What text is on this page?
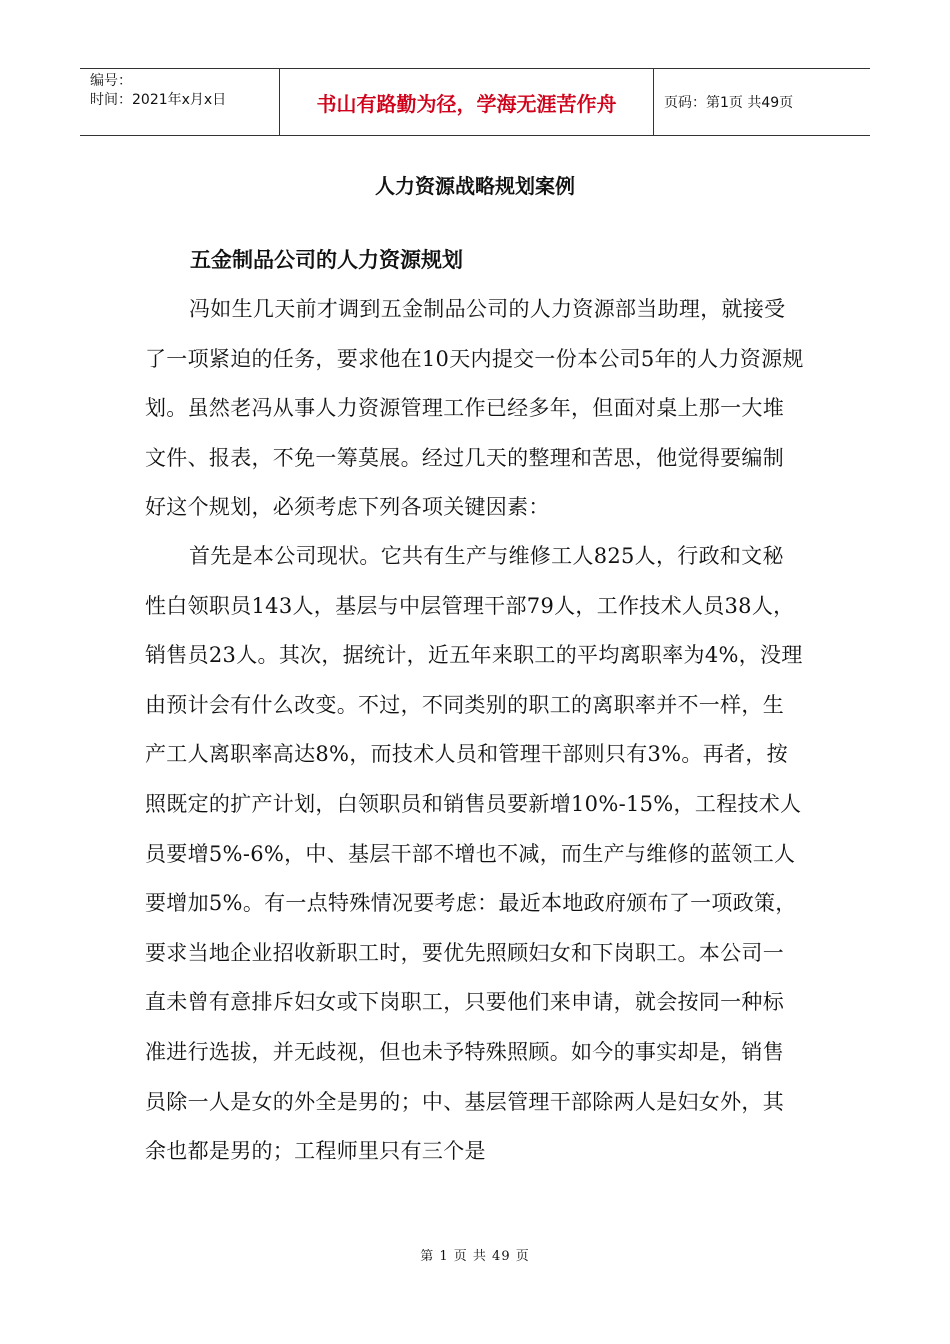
编号：
时间：2021年x月x日	书山有路勤为径，学海无涯苦作舟	页码：第1页 共49页
人力资源战略规划案例
五金制品公司的人力资源规划

冯如生几天前才调到五金制品公司的人力资源部当助理，就接受了一项紧迫的任务，要求他在10天内提交一份本公司5年的人力资源规划。虽然老冯从事人力资源管理工作已经多年，但面对桌上那一大堆文件、报表，不免一筹莫展。经过几天的整理和苦思，他觉得要编制好这个规划，必须考虑下列各项关键因素：

首先是本公司现状。它共有生产与维修工人825人，行政和文秘性白领职员143人，基层与中层管理干部79人，工作技术人员38人，销售员23人。其次，据统计，近五年来职工的平均离职率为4%，没理由预计会有什么改变。不过，不同类别的职工的离职率并不一样，生产工人离职率高达8%，而技术人员和管理干部则只有3%。再者，按照既定的扩产计划，白领职员和销售员要新增10%-15%，工程技术人员要增5%-6%，中、基层干部不增也不减，而生产与维修的蓝领工人要增加5%。有一点特殊情况要考虑：最近本地政府颁布了一项政策，要求当地企业招收新职工时，要优先照顾妇女和下岗职工。本公司一直未曾有意排斥妇女或下岗职工，只要他们来申请，就会按同一种标准进行选拔，并无歧视，但也未予特殊照顾。如今的事实却是，销售员除一人是女的外全是男的；中、基层管理干部除两人是妇女外，其余也都是男的；工程师里只有三个是

第 1 页 共 49 页
